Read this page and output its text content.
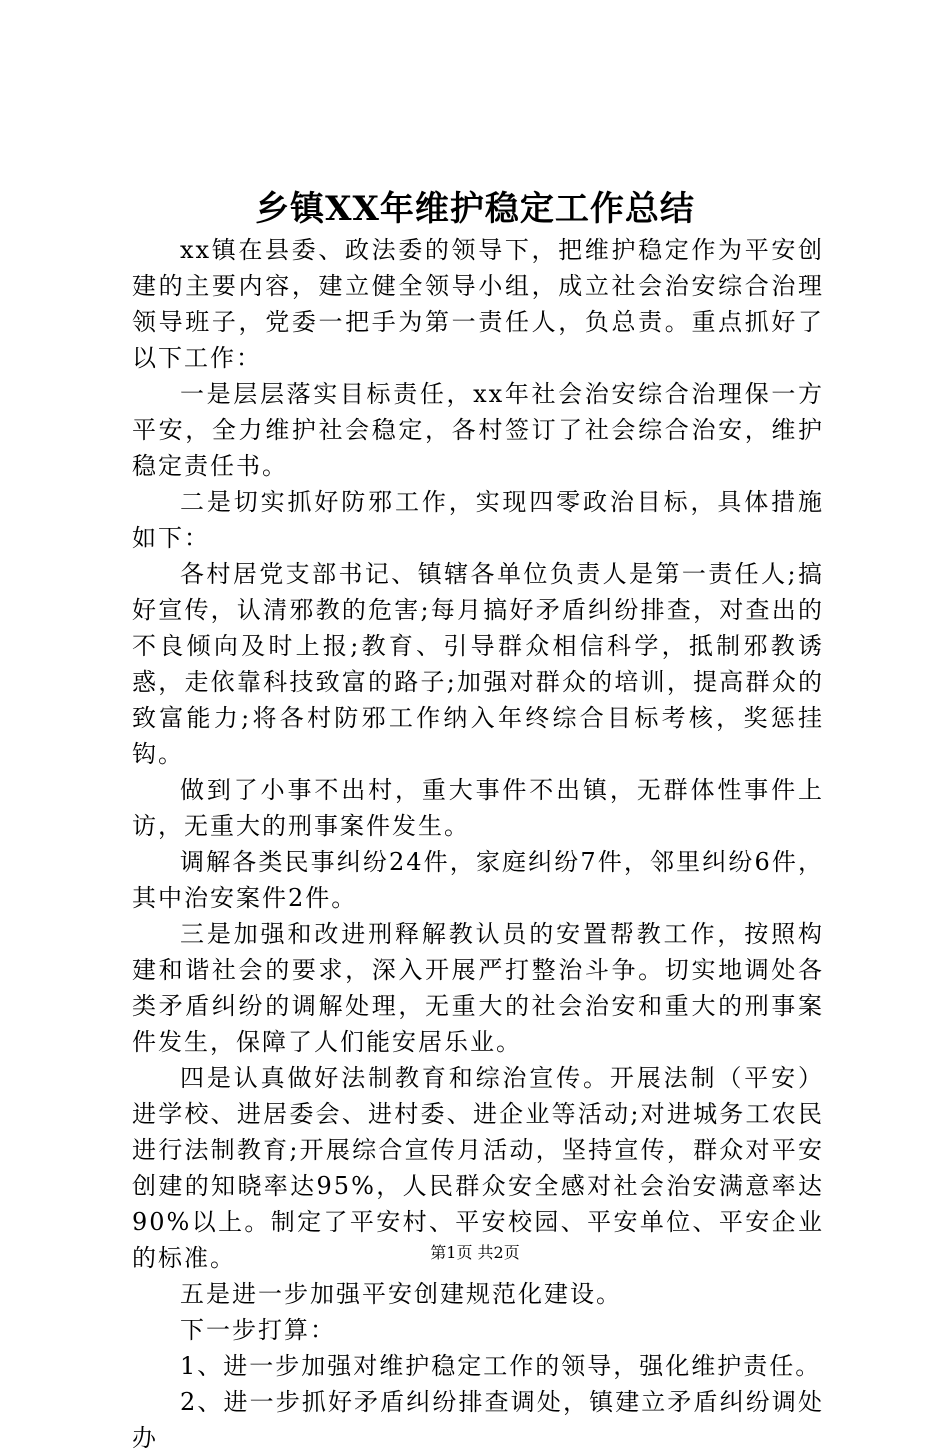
乡镇XX年维护稳定工作总结

xx镇在县委、政法委的领导下，把维护稳定作为平安创建的主要内容，建立健全领导小组，成立社会治安综合治理领导班子，党委一把手为第一责任人，负总责。重点抓好了以下工作：

一是层层落实目标责任，xx年社会治安综合治理保一方平安，全力维护社会稳定，各村签订了社会综合治安，维护稳定责任书。

二是切实抓好防邪工作，实现四零政治目标，具体措施如下：

各村居党支部书记、镇辖各单位负责人是第一责任人;搞好宣传，认清邪教的危害;每月搞好矛盾纠纷排查，对查出的不良倾向及时上报;教育、引导群众相信科学，抵制邪教诱惑，走依靠科技致富的路子;加强对群众的培训，提高群众的致富能力;将各村防邪工作纳入年终综合目标考核，奖惩挂钩。

做到了小事不出村，重大事件不出镇，无群体性事件上访，无重大的刑事案件发生。

调解各类民事纠纷24件，家庭纠纷7件，邻里纠纷6件，其中治安案件2件。

三是加强和改进刑释解教认员的安置帮教工作，按照构建和谐社会的要求，深入开展严打整治斗争。切实地调处各类矛盾纠纷的调解处理，无重大的社会治安和重大的刑事案件发生，保障了人们能安居乐业。

四是认真做好法制教育和综治宣传。开展法制（平安）进学校、进居委会、进村委、进企业等活动;对进城务工农民进行法制教育;开展综合宣传月活动，坚持宣传，群众对平安创建的知晓率达95%，人民群众安全感对社会治安满意率达90%以上。制定了平安村、平安校园、平安单位、平安企业的标准。

五是进一步加强平安创建规范化建设。

下一步打算：

1、进一步加强对维护稳定工作的领导，强化维护责任。

2、进一步抓好矛盾纠纷排查调处，镇建立矛盾纠纷调处办

第1页 共2页
